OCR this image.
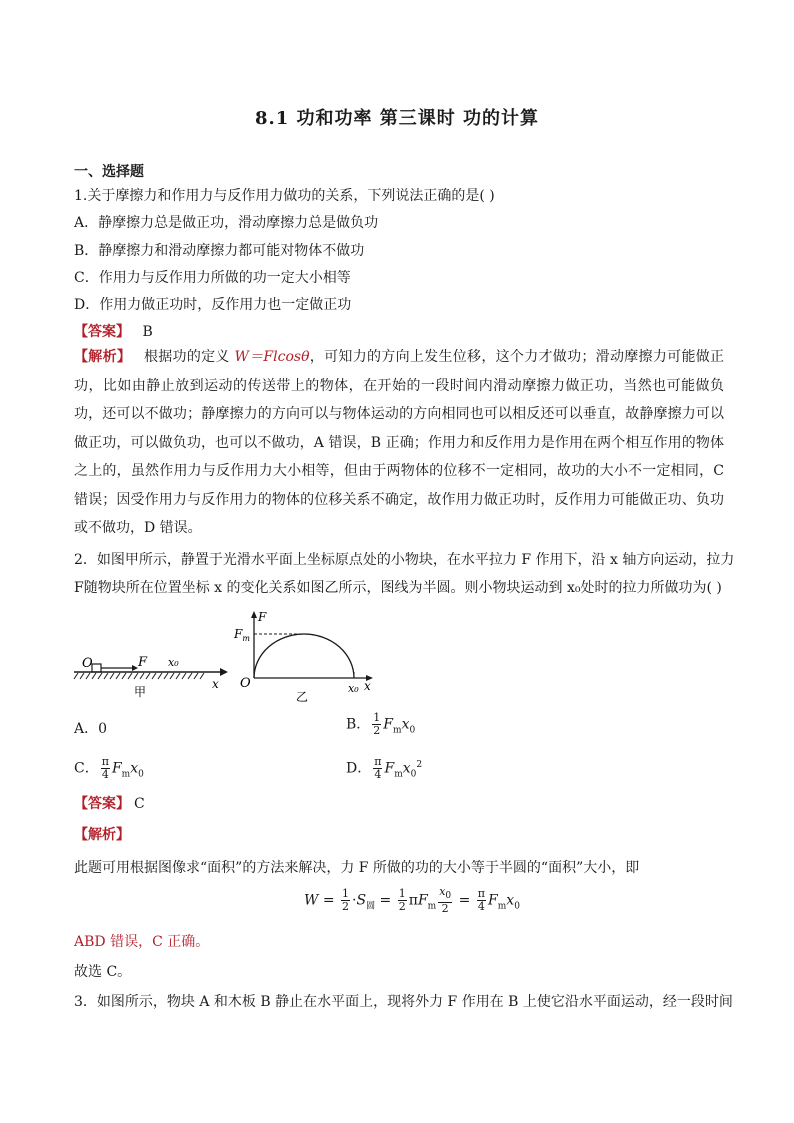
8.1 功和功率 第三课时 功的计算
一、选择题
1.关于摩擦力和作用力与反作用力做功的关系，下列说法正确的是( )
A．静摩擦力总是做正功，滑动摩擦力总是做负功
B．静摩擦力和滑动摩擦力都可能对物体不做功
C．作用力与反作用力所做的功一定大小相等
D．作用力做正功时，反作用力也一定做正功
【答案】 B
【解析】 根据功的定义 W＝Flcosθ，可知力的方向上发生位移，这个力才做功；滑动摩擦力可能做正功，比如由静止放到运动的传送带上的物体，在开始的一段时间内滑动摩擦力做正功，当然也可能做负功，还可以不做功；静摩擦力的方向可以与物体运动的方向相同也可以相反还可以垂直，故静摩擦力可以做正功，可以做负功，也可以不做功，A 错误，B 正确；作用力和反作用力是作用在两个相互作用的物体之上的，虽然作用力与反作用力大小相等，但由于两物体的位移不一定相同，故功的大小不一定相同，C 错误；因受作用力与反作用力的物体的位移关系不确定，故作用力做正功时，反作用力可能做正功、负功或不做功，D 错误。
2．如图甲所示，静置于光滑水平面上坐标原点处的小物块，在水平拉力 F 作用下，沿 x 轴方向运动，拉力
F随物块所在位置坐标 x 的变化关系如图乙所示，图线为半圆。则小物块运动到 x₀处时的拉力所做功为( )
O	F x₀
x
甲
F
$F_m$
O	x₀ x
乙
A．0	B． $\frac{1}{2} F_mx_0$
C． $\frac{\pi}{4} F_mx_0$	D． $\frac{\pi}{4} F_mx_0^2$
【答案】 C
【解析】
此题可用根据图像求“面积”的方法来解决，力 F 所做的功的大小等于半圆的“面积”大小，即
$W = \frac{1}{2} \cdot S_圆 = \frac{1}{2} \pi F_m \frac{x_0}{2} = \frac{\pi}{4} F_mx_0$
ABD 错误，C 正确。
故选 C。
3．如图所示，物块 A 和木板 B 静止在水平面上，现将外力 F 作用在 B 上使它沿水平面运动，经一段时间
